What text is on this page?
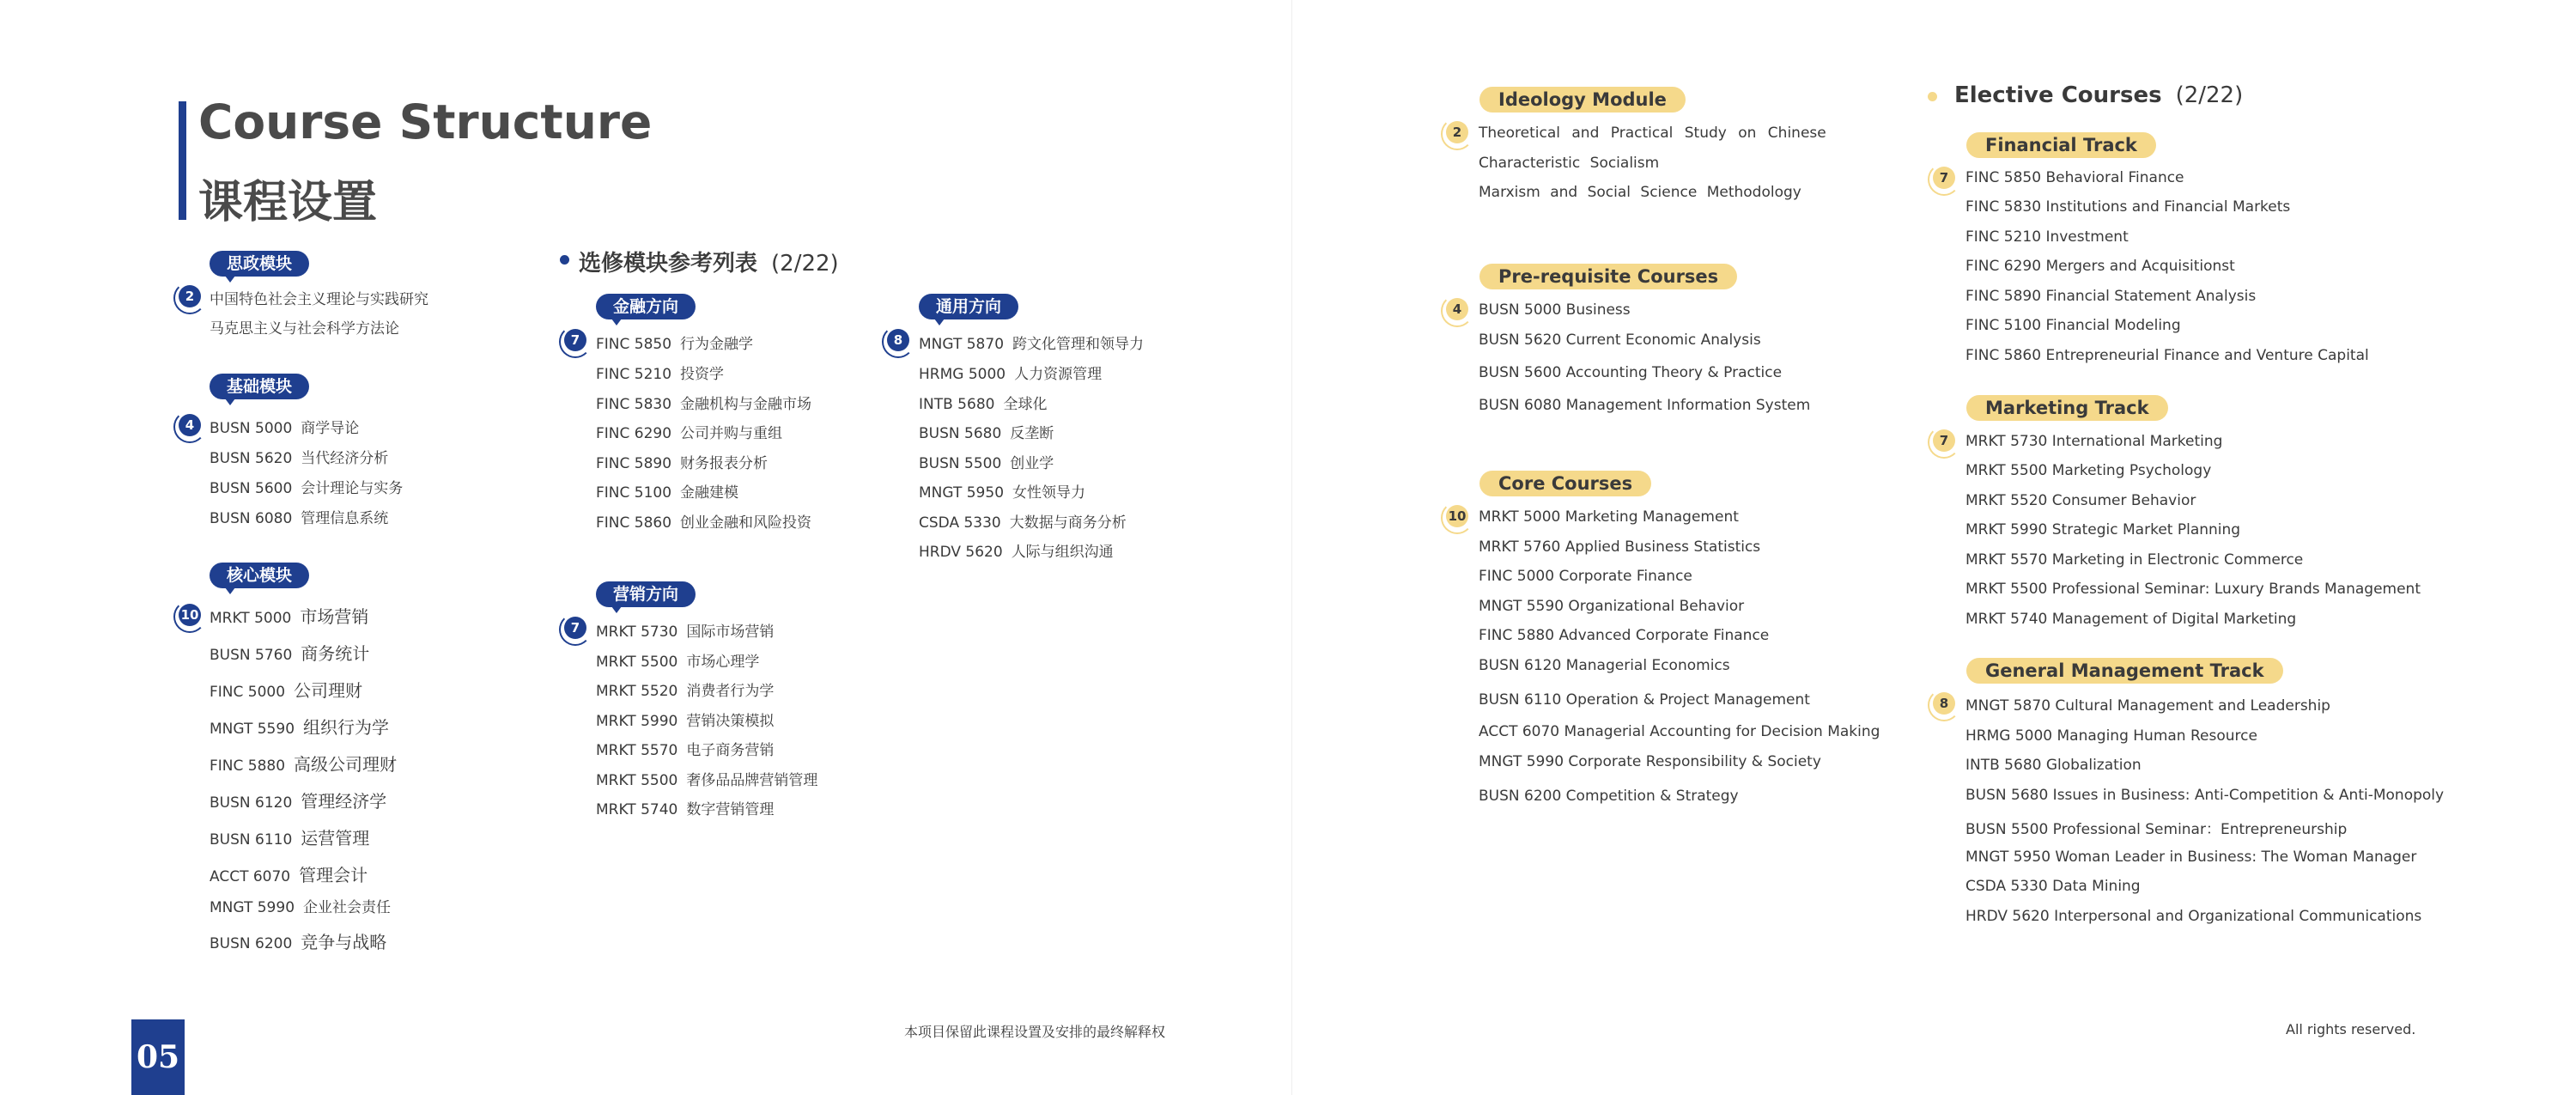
Course Structure
课程设置
思政模块
2	中国特色社会主义理论与实践研究
马克思主义与社会科学方法论
基础模块
4	BUSN 5000 商学导论
BUSN 5620 当代经济分析
BUSN 5600 会计理论与实务
BUSN 6080 管理信息系统
核心模块
10 MRKT 5000 市场营销
BUSN 5760 商务统计
FINC 5000 公司理财
MNGT 5590 组织行为学
FINC 5880 高级公司理财
BUSN 6120 管理经济学
BUSN 6110 运营管理
ACCT 6070 管理会计
MNGT 5990 企业社会责任
BUSN 6200 竞争与战略
选修模块参考列表 (2/22)
金融方向
7	FINC 5850 行为金融学
FINC 5210 投资学
FINC 5830 金融机构与金融市场
FINC 6290 公司并购与重组
FINC 5890 财务报表分析
FINC 5100 金融建模
FINC 5860 创业金融和风险投资
通用方向
8	MNGT 5870 跨文化管理和领导力
HRMG 5000 人力资源管理
INTB 5680 全球化
BUSN 5680 反垄断
BUSN 5500 创业学
MNGT 5950 女性领导力
CSDA 5330 大数据与商务分析
HRDV 5620 人际与组织沟通
营销方向
7	MRKT 5730 国际市场营销
MRKT 5500 市场心理学
MRKT 5520 消费者行为学
MRKT 5990 营销决策模拟
MRKT 5570 电子商务营销
MRKT 5500 奢侈品品牌营销管理
MRKT 5740 数字营销管理
05
本项目保留此课程设置及安排的最终解释权
Ideology Module
2	Theoretical and Practical Study on Chinese
Characteristic Socialism
Marxism and Social Science Methodology
Pre-requisite Courses
4	BUSN 5000 Business
BUSN 5620 Current Economic Analysis
BUSN 5600 Accounting Theory & Practice
BUSN 6080 Management Information System
Core Courses
10 MRKT 5000 Marketing Management
MRKT 5760 Applied Business Statistics
FINC 5000 Corporate Finance
MNGT 5590 Organizational Behavior
FINC 5880 Advanced Corporate Finance
BUSN 6120 Managerial Economics
BUSN 6110 Operation & Project Management
ACCT 6070 Managerial Accounting for Decision Making
MNGT 5990 Corporate Responsibility & Society
BUSN 6200 Competition & Strategy
Elective Courses (2/22)
Financial Track
7	FINC 5850 Behavioral Finance
FINC 5830 Institutions and Financial Markets
FINC 5210 Investment
FINC 6290 Mergers and Acquisitionst
FINC 5890 Financial Statement Analysis
FINC 5100 Financial Modeling
FINC 5860 Entrepreneurial Finance and Venture Capital
Marketing Track
7	MRKT 5730 International Marketing
MRKT 5500 Marketing Psychology
MRKT 5520 Consumer Behavior
MRKT 5990 Strategic Market Planning
MRKT 5570 Marketing in Electronic Commerce
MRKT 5500 Professional Seminar: Luxury Brands Management
MRKT 5740 Management of Digital Marketing
General Management Track
8	MNGT 5870 Cultural Management and Leadership
HRMG 5000 Managing Human Resource
INTB 5680 Globalization
BUSN 5680 Issues in Business: Anti-Competition & Anti-Monopoly
BUSN 5500 Professional Seminar：Entrepreneurship
MNGT 5950 Woman Leader in Business: The Woman Manager
CSDA 5330 Data Mining
HRDV 5620 Interpersonal and Organizational Communications
All rights reserved.
